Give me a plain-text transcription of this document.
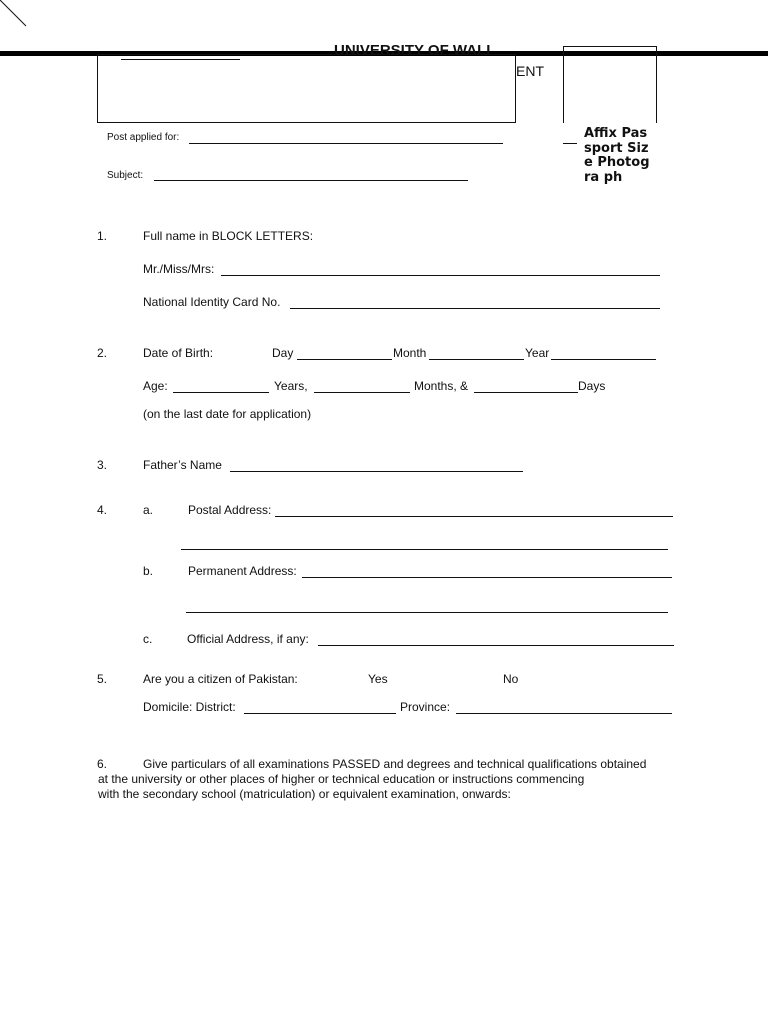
UNIVERSITY OF WALI
ENT
Affix Passport Size Photogra ph
Post applied for:
Subject:
1.	Full name in BLOCK LETTERS:
Mr./Miss/Mrs:
National Identity Card No.
2.	Date of Birth:	Day	Month	Year
Age:	Years,	Months, &	Days
(on the last date for application)
3.	Father’s Name
4.	a.	Postal Address:
b.	Permanent Address:
c.	Official Address, if any:
5.	Are you a citizen of Pakistan:	Yes	No
Domicile: District:	Province:
6.	Give particulars of all examinations PASSED and degrees and technical qualifications obtained
at the university or other places of higher or technical education or instructions commencing
with the secondary school (matriculation) or equivalent examination, onwards:
